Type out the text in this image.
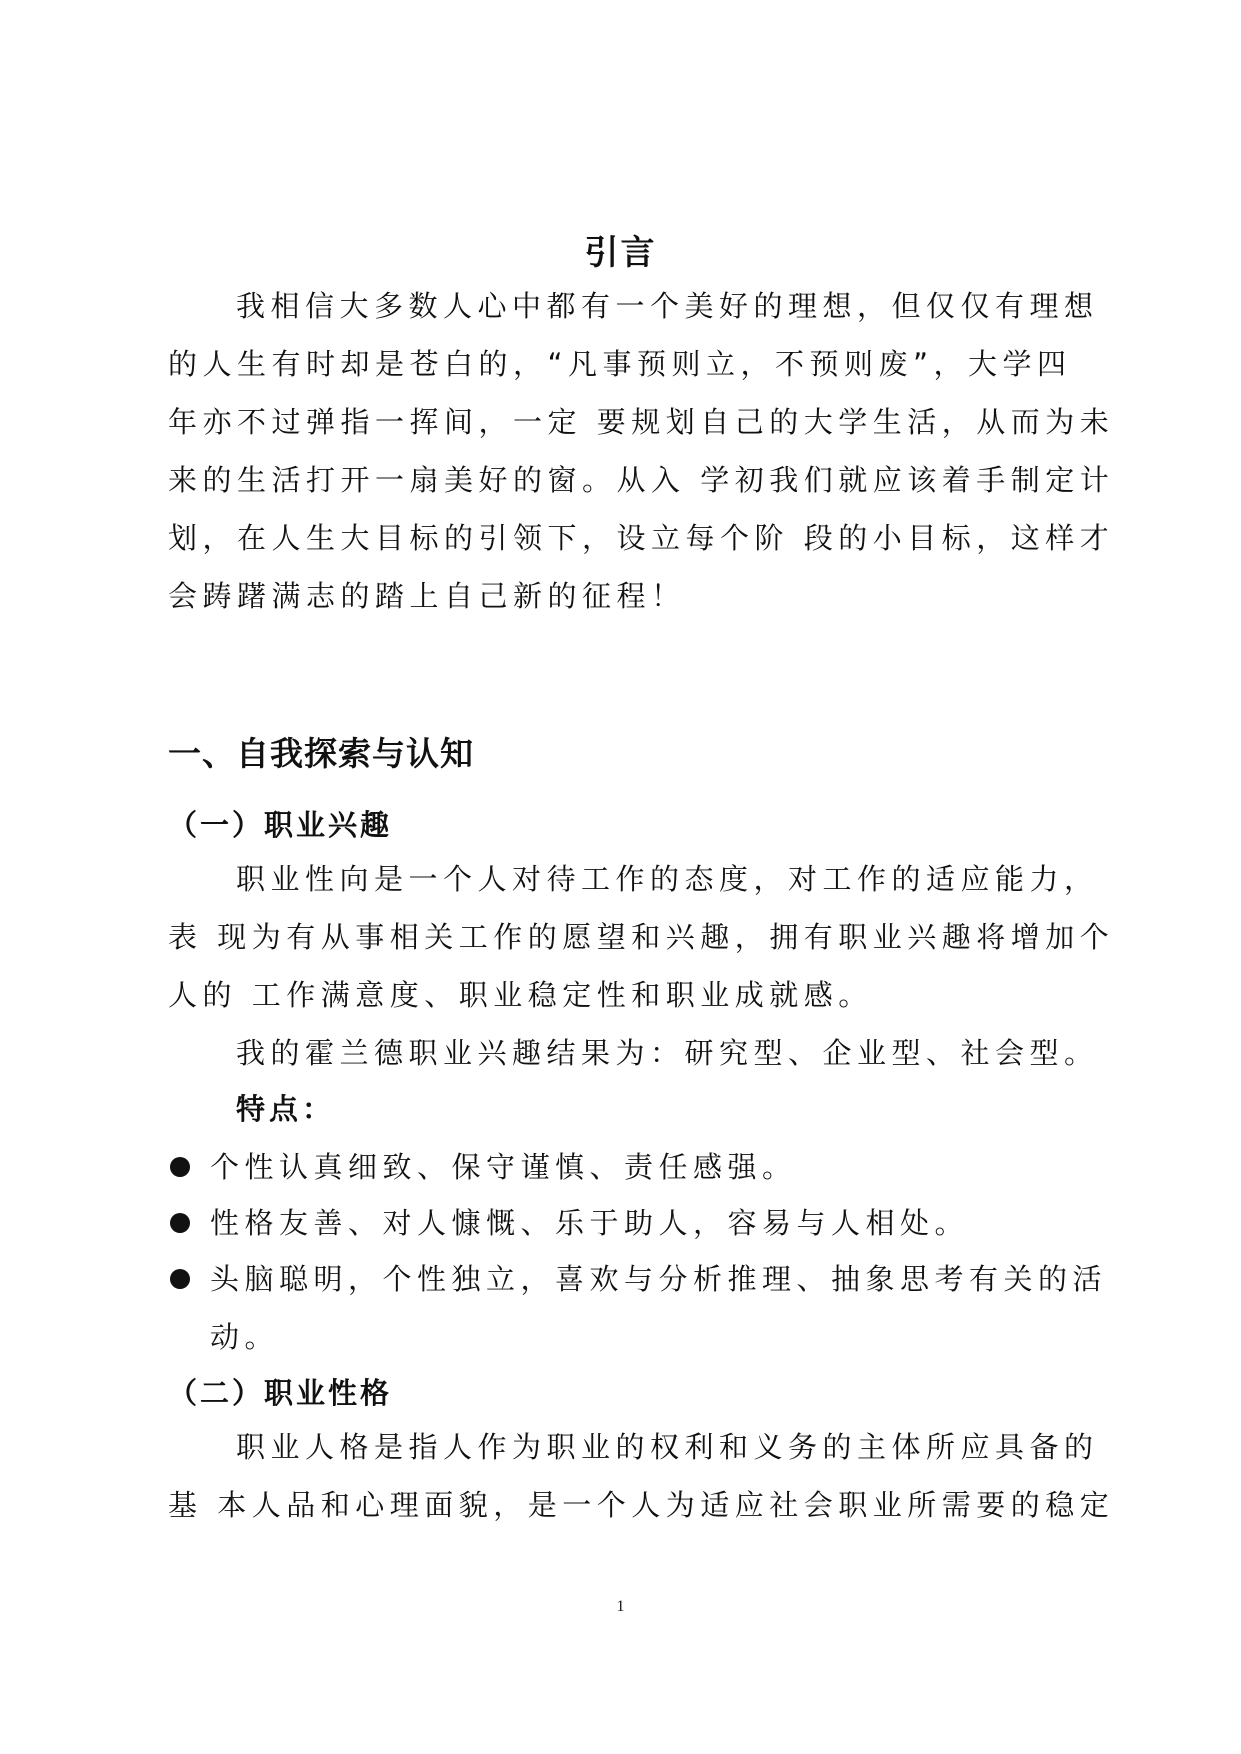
引言
我相信大多数人心中都有一个美好的理想，但仅仅有理想
的人生有时却是苍白的，“凡事预则立，不预则废”，大学四
年亦不过弹指一挥间，一定 要规划自己的大学生活，从而为未
来的生活打开一扇美好的窗。从入 学初我们就应该着手制定计
划，在人生大目标的引领下，设立每个阶 段的小目标，这样才
会踌躇满志的踏上自己新的征程！
一、自我探索与认知
（一）职业兴趣
职业性向是一个人对待工作的态度，对工作的适应能力，
表 现为有从事相关工作的愿望和兴趣，拥有职业兴趣将增加个
人的 工作满意度、职业稳定性和职业成就感。
我的霍兰德职业兴趣结果为：研究型、企业型、社会型。
特点：
个性认真细致、保守谨慎、责任感强。
性格友善、对人慷慨、乐于助人，容易与人相处。
头脑聪明，个性独立，喜欢与分析推理、抽象思考有关的活
动。
（二）职业性格
职业人格是指人作为职业的权利和义务的主体所应具备的
基 本人品和心理面貌，是一个人为适应社会职业所需要的稳定
1
